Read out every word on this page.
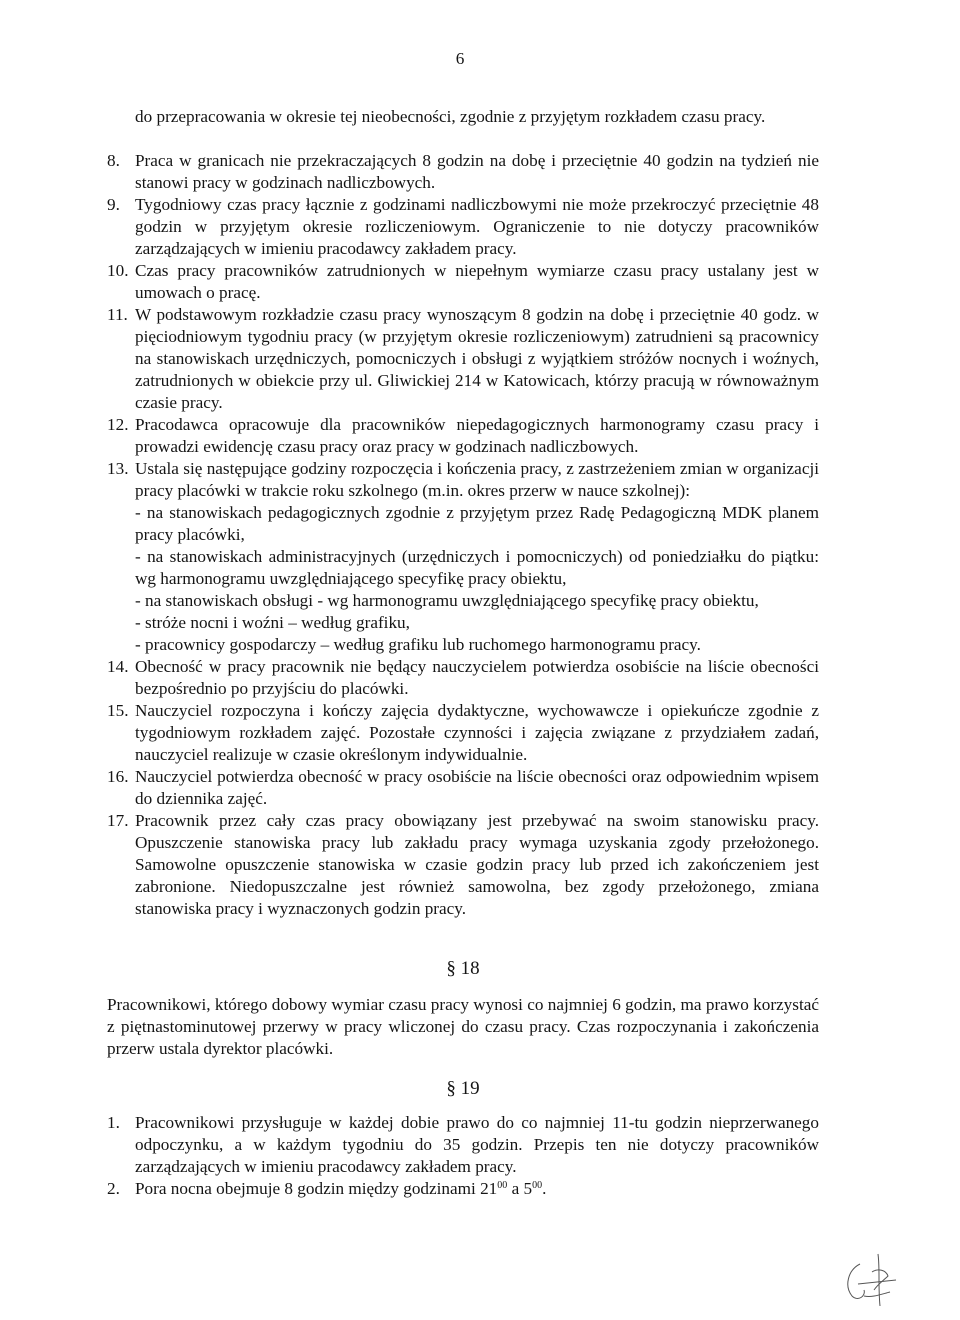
6
do przepracowania w okresie tej nieobecności, zgodnie z przyjętym rozkładem czasu pracy.
8. Praca w granicach nie przekraczających 8 godzin na dobę i przeciętnie 40 godzin na tydzień nie stanowi pracy w godzinach nadliczbowych.
9. Tygodniowy czas pracy łącznie z godzinami nadliczbowymi nie może przekroczyć przeciętnie 48 godzin w przyjętym okresie rozliczeniowym. Ograniczenie to nie dotyczy pracowników zarządzających w imieniu pracodawcy zakładem pracy.
10. Czas pracy pracowników zatrudnionych w niepełnym wymiarze czasu pracy ustalany jest w umowach o pracę.
11. W podstawowym rozkładzie czasu pracy wynoszącym 8 godzin na dobę i przeciętnie 40 godz. w pięciodniowym tygodniu pracy (w przyjętym okresie rozliczeniowym) zatrudnieni są pracownicy na stanowiskach urzędniczych, pomocniczych i obsługi z wyjątkiem stróżów nocnych i woźnych, zatrudnionych w obiekcie przy ul. Gliwickiej 214 w Katowicach, którzy pracują w równoważnym czasie pracy.
12. Pracodawca opracowuje dla pracowników niepedagogicznych harmonogramy czasu pracy i prowadzi ewidencję czasu pracy oraz pracy w godzinach nadliczbowych.
13. Ustala się następujące godziny rozpoczęcia i kończenia pracy, z zastrzeżeniem zmian w organizacji pracy placówki w trakcie roku szkolnego (m.in. okres przerw w nauce szkolnej):
- na stanowiskach pedagogicznych zgodnie z przyjętym przez Radę Pedagogiczną MDK planem pracy placówki,
- na stanowiskach administracyjnych (urzędniczych i pomocniczych) od poniedziałku do piątku: wg harmonogramu uwzględniającego specyfikę pracy obiektu,
- na stanowiskach obsługi - wg harmonogramu uwzględniającego specyfikę pracy obiektu,
- stróże nocni i woźni – według grafiku,
- pracownicy gospodarczy – według grafiku lub ruchomego harmonogramu pracy.
14. Obecność w pracy pracownik nie będący nauczycielem potwierdza osobiście na liście obecności bezpośrednio po przyjściu do placówki.
15. Nauczyciel rozpoczyna i kończy zajęcia dydaktyczne, wychowawcze i opiekuńcze zgodnie z tygodniowym rozkładem zajęć. Pozostałe czynności i zajęcia związane z przydziałem zadań, nauczyciel realizuje w czasie określonym indywidualnie.
16. Nauczyciel potwierdza obecność w pracy osobiście na liście obecności oraz odpowiednim wpisem do dziennika zajęć.
17. Pracownik przez cały czas pracy obowiązany jest przebywać na swoim stanowisku pracy. Opuszczenie stanowiska pracy lub zakładu pracy wymaga uzyskania zgody przełożonego. Samowolne opuszczenie stanowiska w czasie godzin pracy lub przed ich zakończeniem jest zabronione. Niedopuszczalne jest również samowolna, bez zgody przełożonego, zmiana stanowiska pracy i wyznaczonych godzin pracy.
§ 18
Pracownikowi, którego dobowy wymiar czasu pracy wynosi co najmniej 6 godzin, ma prawo korzystać z piętnastominutowej przerwy w pracy wliczonej do czasu pracy. Czas rozpoczynania i zakończenia przerw ustala dyrektor placówki.
§ 19
1. Pracownikowi przysługuje w każdej dobie prawo do co najmniej 11-tu godzin nieprzerwanego odpoczynku, a w każdym tygodniu do 35 godzin. Przepis ten nie dotyczy pracowników zarządzających w imieniu pracodawcy zakładem pracy.
2. Pora nocna obejmuje 8 godzin między godzinami $21^{00}$ a $5^{00}$.
